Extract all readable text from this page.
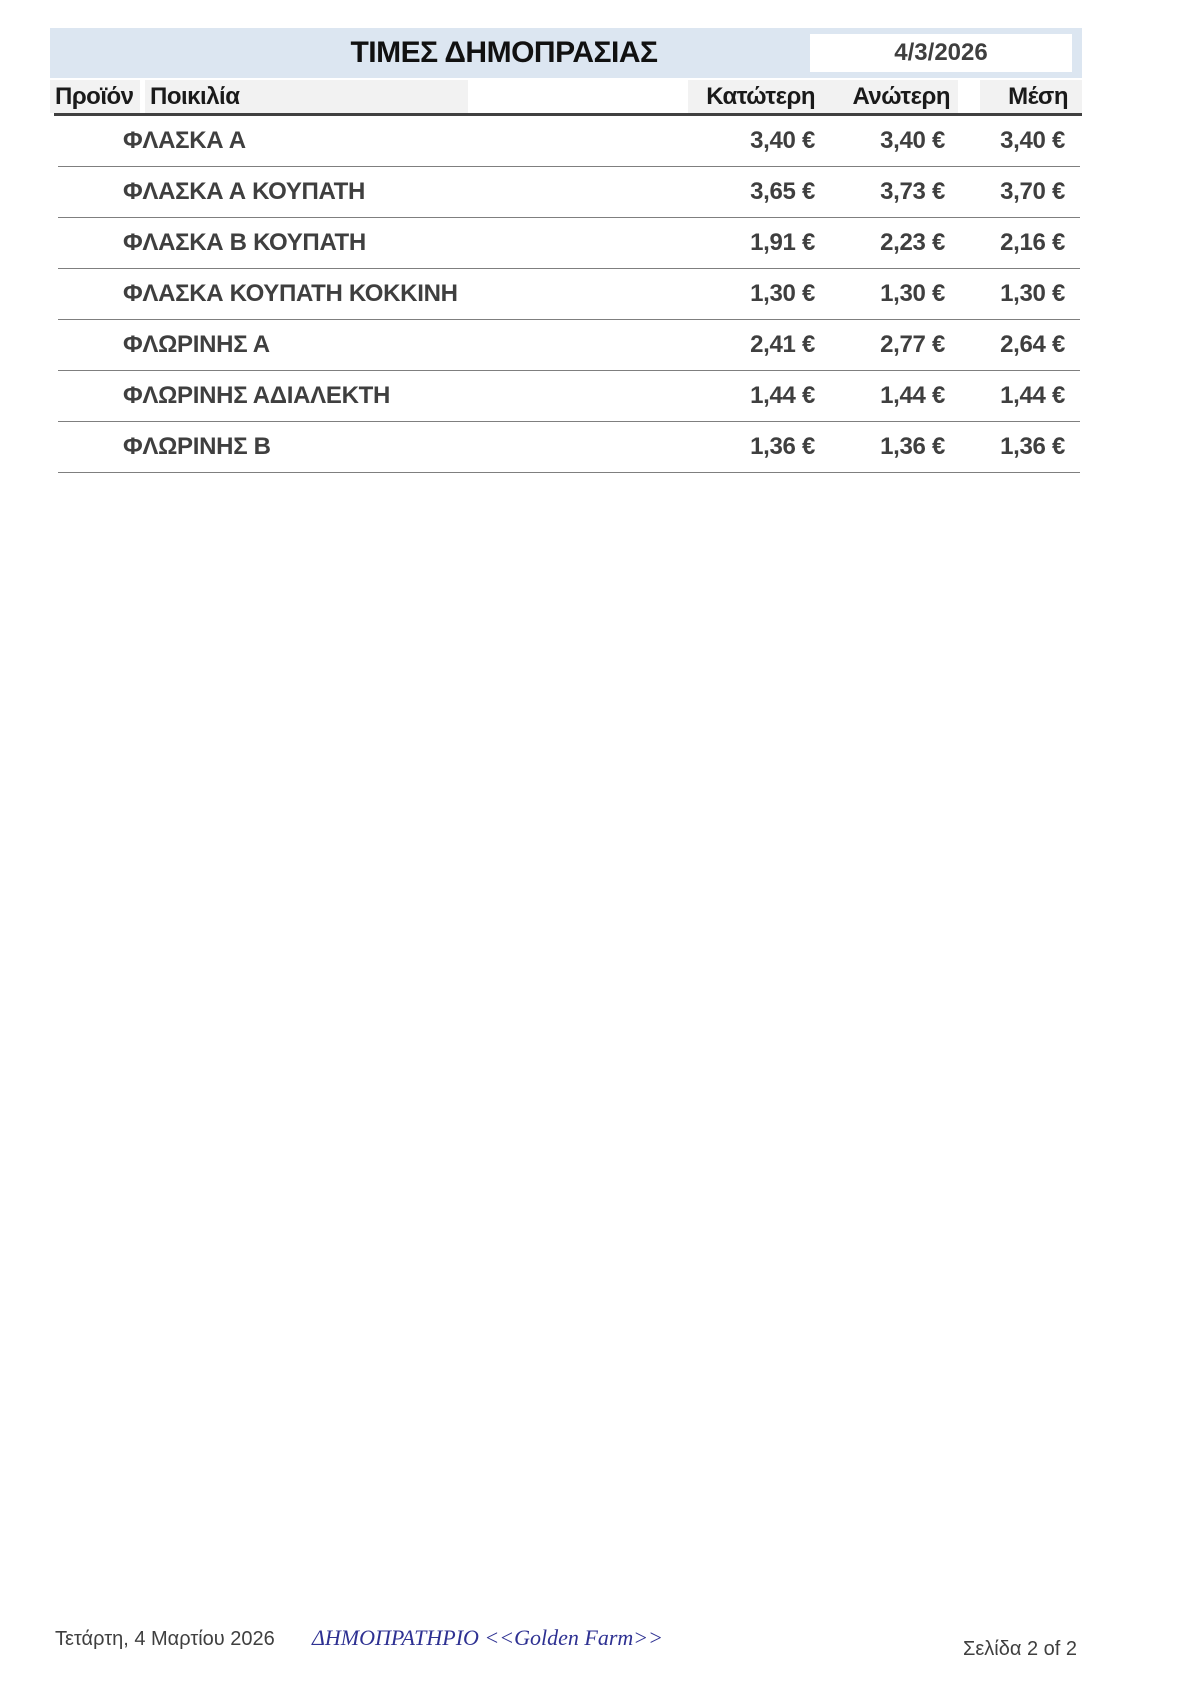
ΤΙΜΕΣ ΔΗΜΟΠΡΑΣΙΑΣ	4/3/2026
Προϊόν Ποικιλία	Κατώτερη	Ανώτερη	Μέση
ΦΛΑΣΚΑ Α	3,40 €	3,40 €	3,40 €
ΦΛΑΣΚΑ Α ΚΟΥΠΑΤΗ	3,65 €	3,73 €	3,70 €
ΦΛΑΣΚΑ Β ΚΟΥΠΑΤΗ	1,91 €	2,23 €	2,16 €
ΦΛΑΣΚΑ ΚΟΥΠΑΤΗ ΚΟΚΚΙΝΗ	1,30 €	1,30 €	1,30 €
ΦΛΩΡΙΝΗΣ Α	2,41 €	2,77 €	2,64 €
ΦΛΩΡΙΝΗΣ ΑΔΙΑΛΕΚΤΗ	1,44 €	1,44 €	1,44 €
ΦΛΩΡΙΝΗΣ Β	1,36 €	1,36 €	1,36 €
Τετάρτη, 4 Μαρτίου 2026 ΔΗΜΟΠΡΑΤΗΡΙΟ <<Golden Farm>>	Σελίδα 2 of 2
